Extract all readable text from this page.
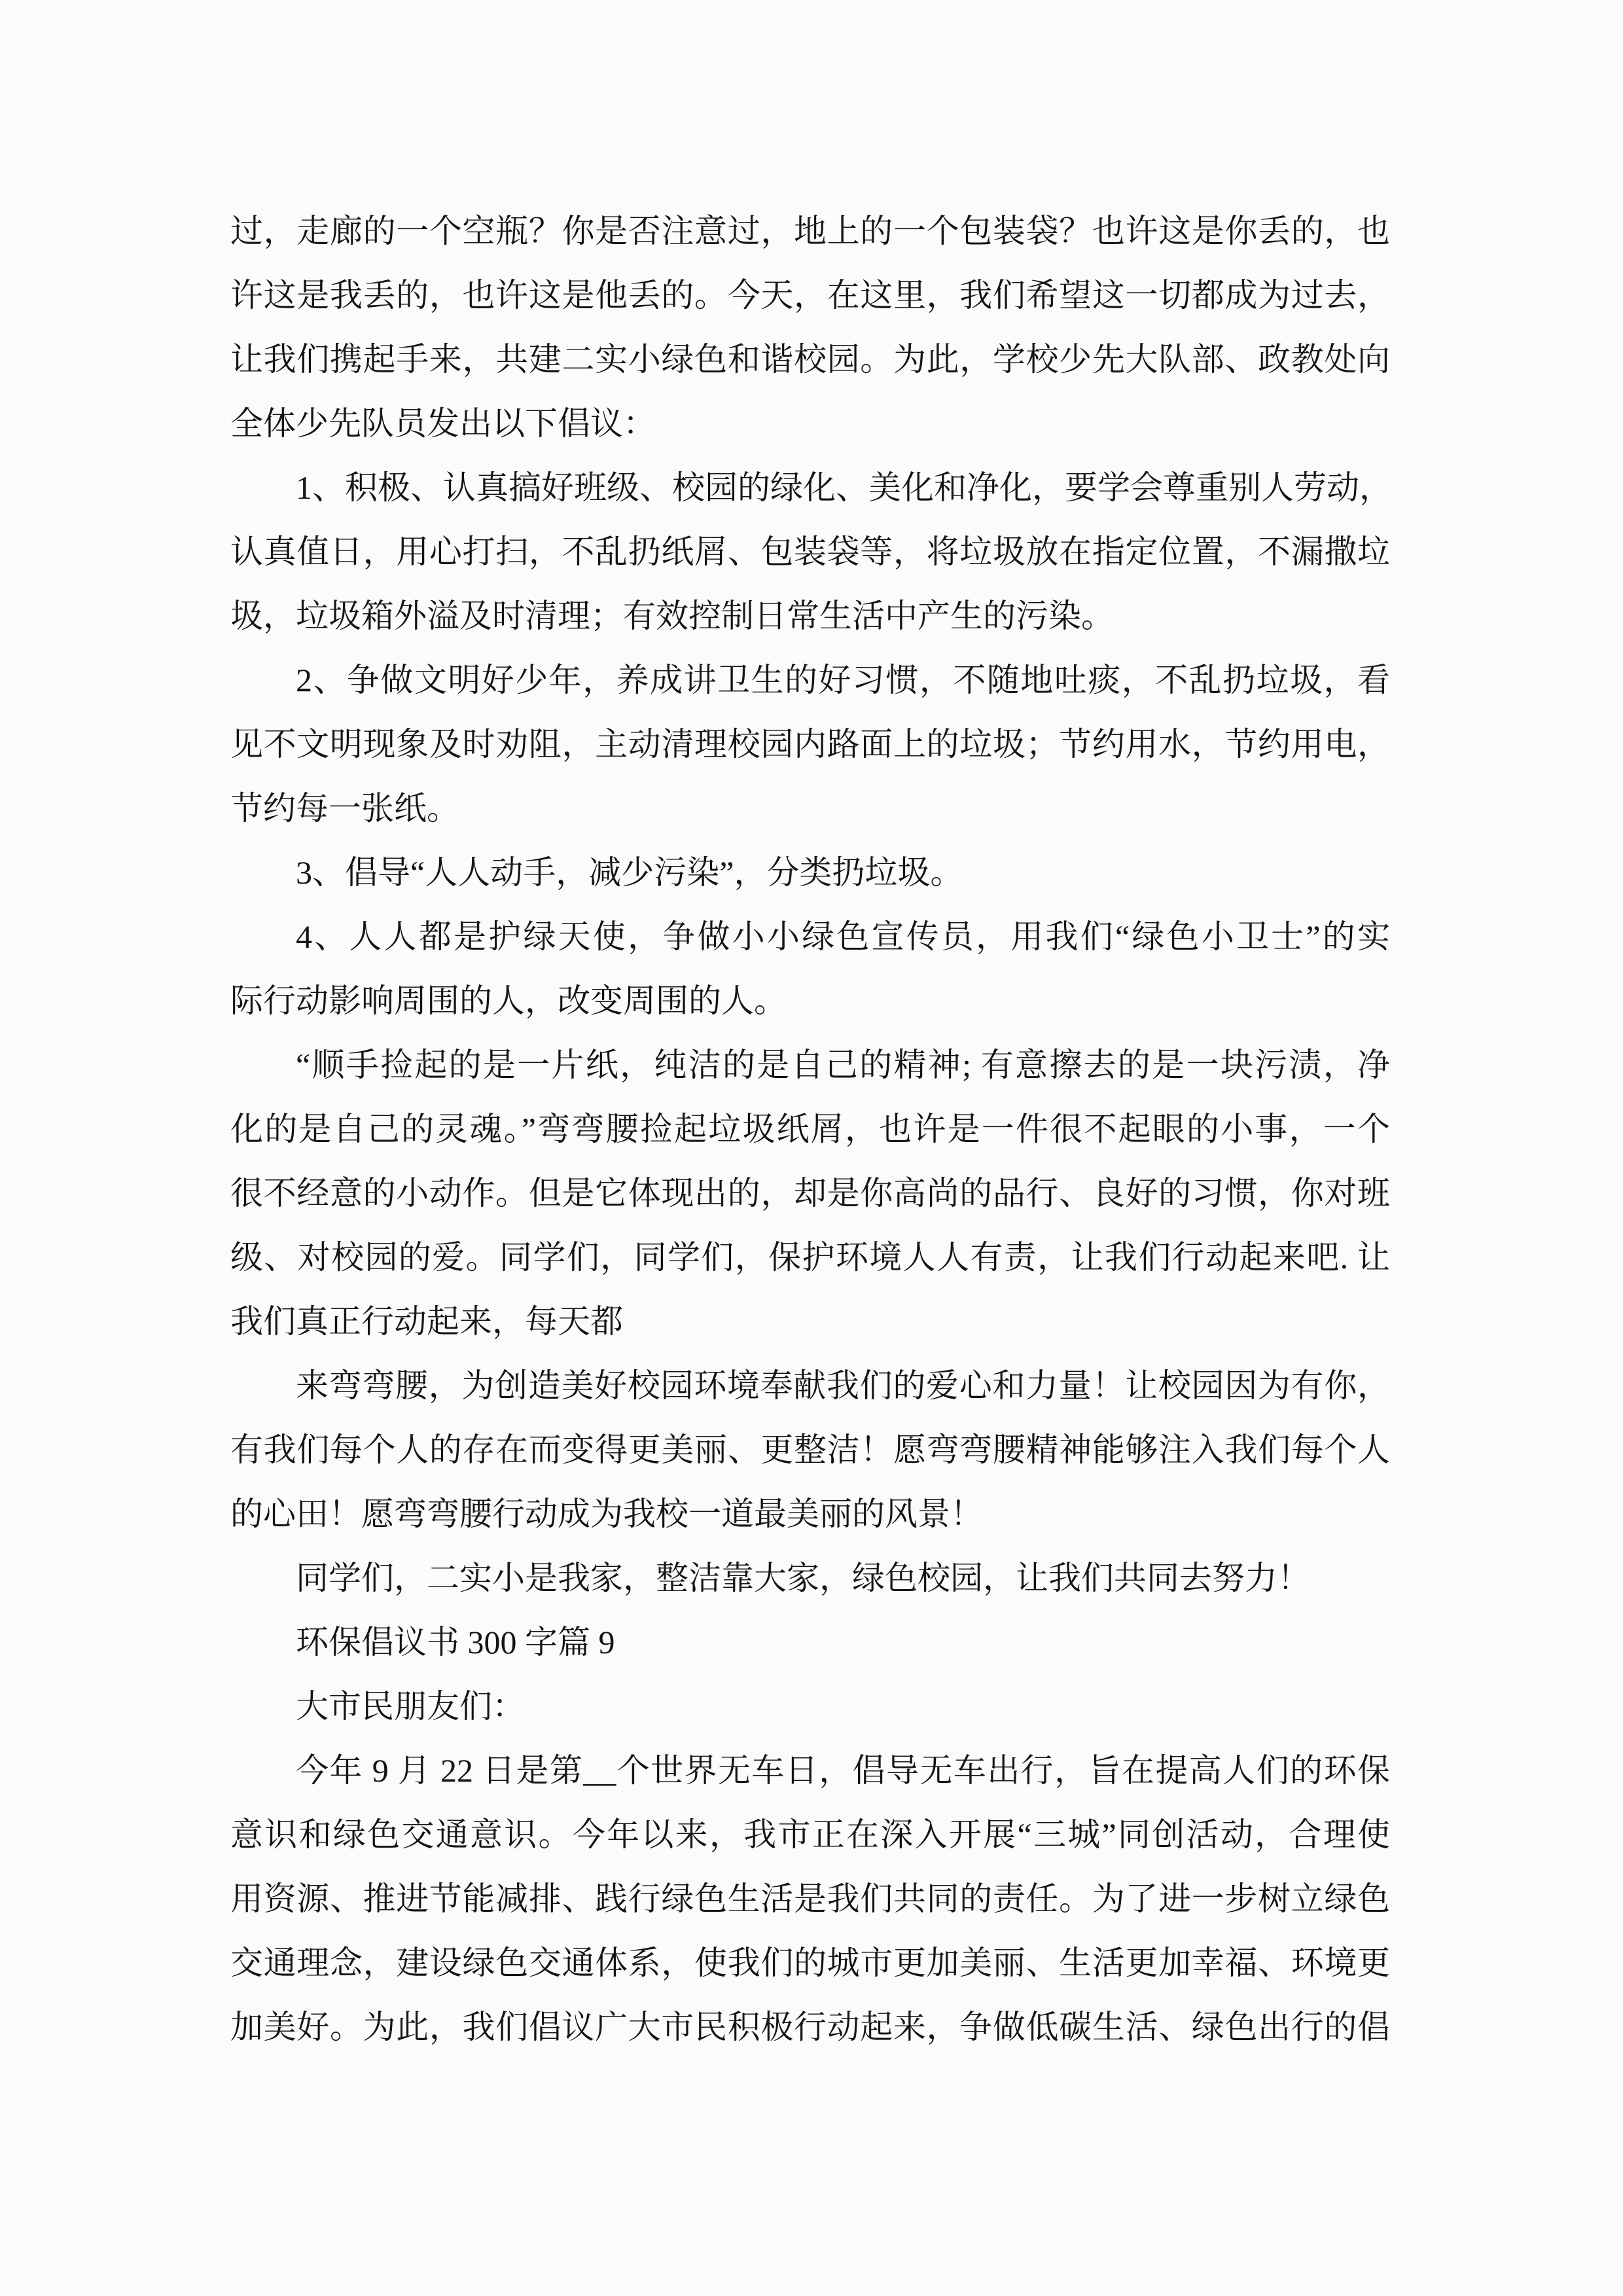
过，走廊的一个空瓶？你是否注意过，地上的一个包装袋？也许这是你丢的，也
许这是我丢的，也许这是他丢的。今天，在这里，我们希望这一切都成为过去，
让我们携起手来，共建二实小绿色和谐校园。为此，学校少先大队部、政教处向
全体少先队员发出以下倡议：
1、积极、认真搞好班级、校园的绿化、美化和净化，要学会尊重别人劳动，
认真值日，用心打扫，不乱扔纸屑、包装袋等，将垃圾放在指定位置，不漏撒垃
圾，垃圾箱外溢及时清理；有效控制日常生活中产生的污染。
2、争做文明好少年，养成讲卫生的好习惯，不随地吐痰，不乱扔垃圾，看
见不文明现象及时劝阻，主动清理校园内路面上的垃圾；节约用水，节约用电，
节约每一张纸。
3、倡导“人人动手，减少污染”，分类扔垃圾。
4、人人都是护绿天使，争做小小绿色宣传员，用我们“绿色小卫士”的实
际行动影响周围的人，改变周围的人。
“顺手捡起的是一片纸，纯洁的是自己的精神; 有意擦去的是一块污渍，净
化的是自己的灵魂。”弯弯腰捡起垃圾纸屑，也许是一件很不起眼的小事，一个
很不经意的小动作。但是它体现出的，却是你高尚的品行、良好的习惯，你对班
级、对校园的爱。同学们，同学们，保护环境人人有责，让我们行动起来吧. 让
我们真正行动起来，每天都
来弯弯腰，为创造美好校园环境奉献我们的爱心和力量！让校园因为有你，
有我们每个人的存在而变得更美丽、更整洁！愿弯弯腰精神能够注入我们每个人
的心田！愿弯弯腰行动成为我校一道最美丽的风景！
同学们，二实小是我家，整洁靠大家，绿色校园，让我们共同去努力！
环保倡议书 300 字篇 9
大市民朋友们：
今年 9 月 22 日是第__个世界无车日，倡导无车出行，旨在提高人们的环保
意识和绿色交通意识。今年以来，我市正在深入开展“三城”同创活动，合理使
用资源、推进节能减排、践行绿色生活是我们共同的责任。为了进一步树立绿色
交通理念，建设绿色交通体系，使我们的城市更加美丽、生活更加幸福、环境更
加美好。为此，我们倡议广大市民积极行动起来，争做低碳生活、绿色出行的倡
